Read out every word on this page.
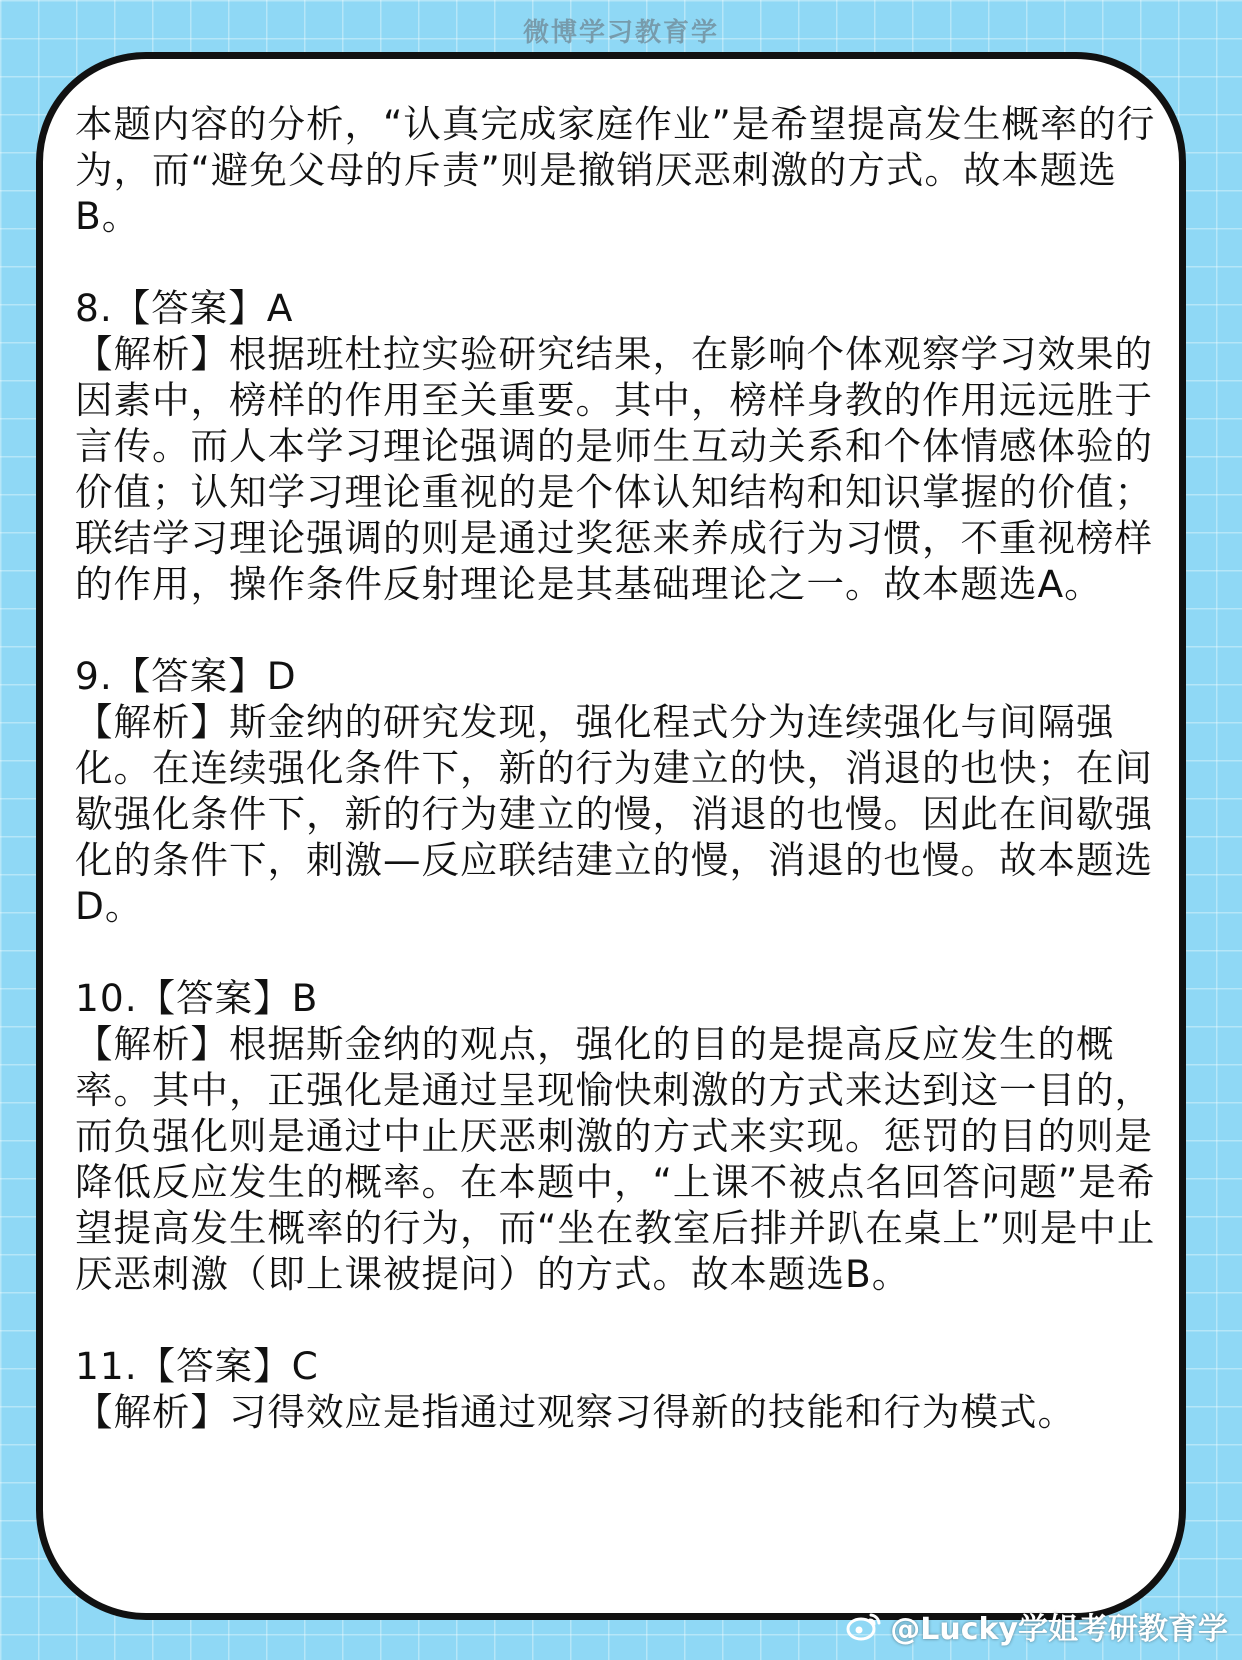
微博学习教育学

本题内容的分析，“认真完成家庭作业”是希望提高发生概率的行为，而“避免父母的斥责”则是撤销厌恶刺激的方式。故本题选B。

8.【答案】A

【解析】根据班杜拉实验研究结果，在影响个体观察学习效果的因素中，榜样的作用至关重要。其中，榜样身教的作用远远胜于言传。而人本学习理论强调的是师生互动关系和个体情感体验的价值；认知学习理论重视的是个体认知结构和知识掌握的价值；联结学习理论强调的则是通过奖惩来养成行为习惯，不重视榜样的作用，操作条件反射理论是其基础理论之一。故本题选A。

9.【答案】D

【解析】斯金纳的研究发现，强化程式分为连续强化与间隔强化。在连续强化条件下，新的行为建立的快，消退的也快；在间歇强化条件下，新的行为建立的慢，消退的也慢。因此在间歇强化的条件下，刺激—反应联结建立的慢，消退的也慢。故本题选D。

10.【答案】B

【解析】根据斯金纳的观点，强化的目的是提高反应发生的概率。其中，正强化是通过呈现愉快刺激的方式来达到这一目的，而负强化则是通过中止厌恶刺激的方式来实现。惩罚的目的则是降低反应发生的概率。在本题中，“上课不被点名回答问题”是希望提高发生概率的行为，而“坐在教室后排并趴在桌上”则是中止厌恶刺激（即上课被提问）的方式。故本题选B。

11.【答案】C

【解析】习得效应是指通过观察习得新的技能和行为模式。

@Lucky学姐考研教育学
